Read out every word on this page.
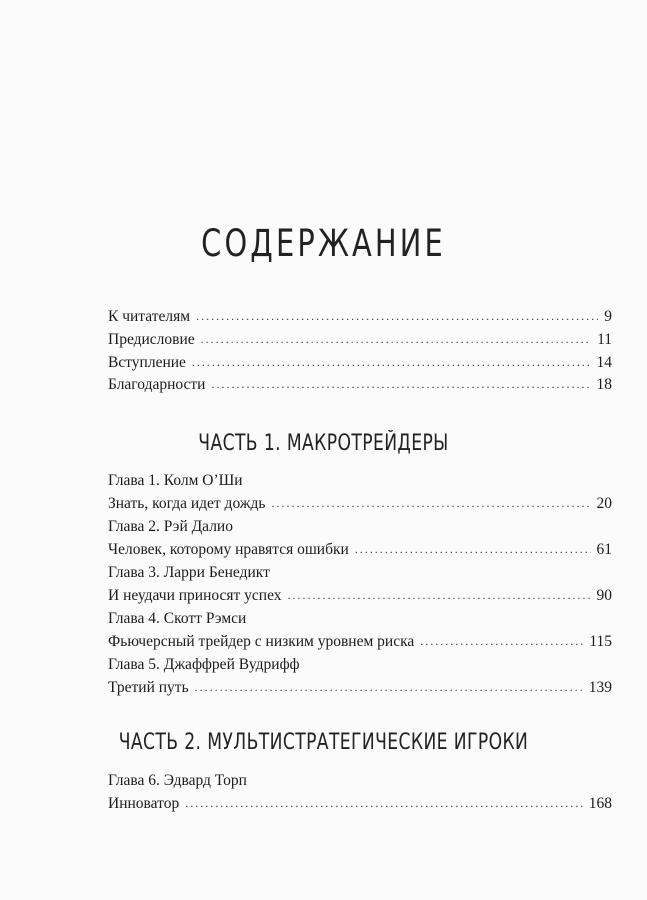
СОДЕРЖАНИЕ
К читателям . . .	9
Предисловие . . .	11
Вступление . . .	14
Благодарности . . .	18
ЧАСТЬ 1. МАКРОТРЕЙДЕРЫ
Глава 1. Колм О’Ши
Знать, когда идет дождь . . .	20
Глава 2. Рэй Далио
Человек, которому нравятся ошибки . . .	61
Глава 3. Ларри Бенедикт
И неудачи приносят успех . . .	90
Глава 4. Скотт Рэмси
Фьючерсный трейдер с низким уровнем риска . . .	115
Глава 5. Джаффрей Вудрифф
Третий путь . . .	139
ЧАСТЬ 2. МУЛЬТИСТРАТЕГИЧЕСКИЕ ИГРОКИ
Глава 6. Эдвард Торп
Инноватор . . .	168
